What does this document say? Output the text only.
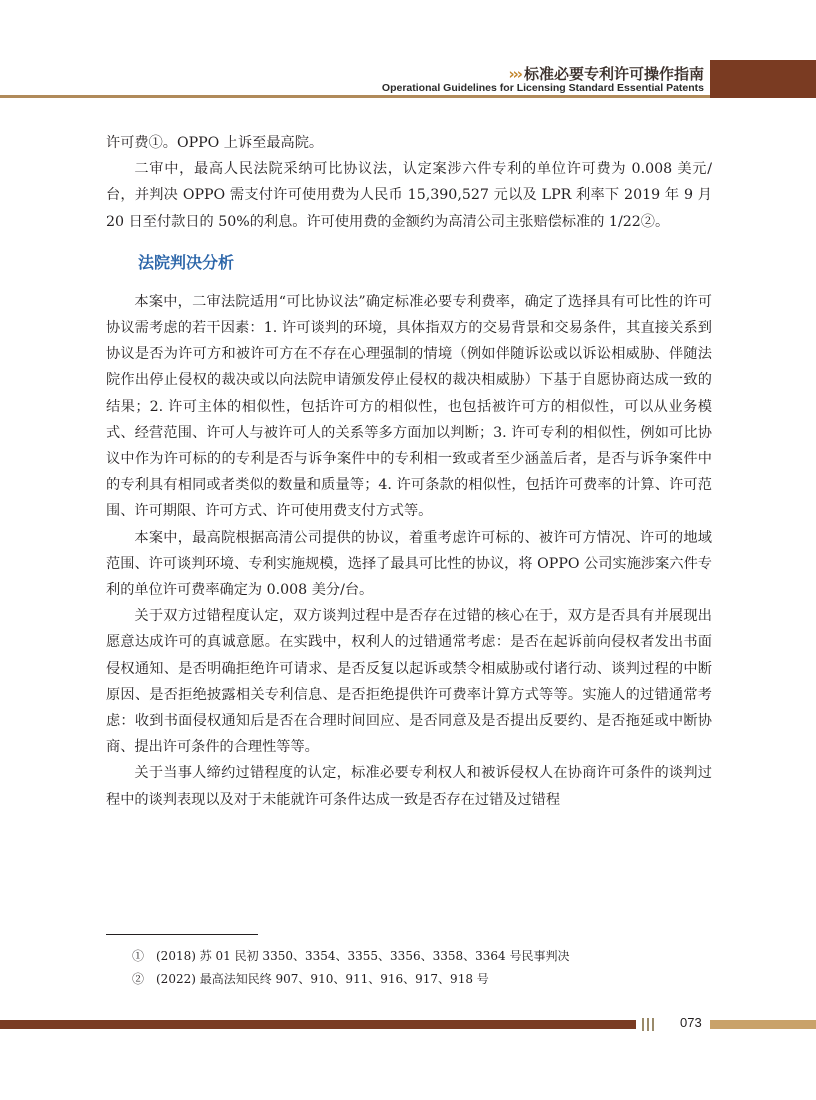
››› 标准必要专利许可操作指南
Operational Guidelines for Licensing Standard Essential Patents

许可费①。OPPO 上诉至最高院。

二审中，最高人民法院采纳可比协议法，认定案涉六件专利的单位许可费为 0.008 美元/台，并判决 OPPO 需支付许可使用费为人民币 15,390,527 元以及 LPR 利率下 2019 年 9 月 20 日至付款日的 50%的利息。许可使用费的金额约为高清公司主张赔偿标准的 1/22②。

法院判决分析

本案中，二审法院适用“可比协议法”确定标准必要专利费率，确定了选择具有可比性的许可协议需考虑的若干因素：1. 许可谈判的环境，具体指双方的交易背景和交易条件，其直接关系到协议是否为许可方和被许可方在不存在心理强制的情境（例如伴随诉讼或以诉讼相威胁、伴随法院作出停止侵权的裁决或以向法院申请颁发停止侵权的裁决相威胁）下基于自愿协商达成一致的结果；2. 许可主体的相似性，包括许可方的相似性，也包括被许可方的相似性，可以从业务模式、经营范围、许可人与被许可人的关系等多方面加以判断；3. 许可专利的相似性，例如可比协议中作为许可标的的专利是否与诉争案件中的专利相一致或者至少涵盖后者，是否与诉争案件中的专利具有相同或者类似的数量和质量等；4. 许可条款的相似性，包括许可费率的计算、许可范围、许可期限、许可方式、许可使用费支付方式等。

本案中，最高院根据高清公司提供的协议，着重考虑许可标的、被许可方情况、许可的地域范围、许可谈判环境、专利实施规模，选择了最具可比性的协议，将 OPPO 公司实施涉案六件专利的单位许可费率确定为 0.008 美分/台。

关于双方过错程度认定，双方谈判过程中是否存在过错的核心在于，双方是否具有并展现出愿意达成许可的真诚意愿。在实践中，权利人的过错通常考虑：是否在起诉前向侵权者发出书面侵权通知、是否明确拒绝许可请求、是否反复以起诉或禁令相威胁或付诸行动、谈判过程的中断原因、是否拒绝披露相关专利信息、是否拒绝提供许可费率计算方式等等。实施人的过错通常考虑：收到书面侵权通知后是否在合理时间回应、是否同意及是否提出反要约、是否拖延或中断协商、提出许可条件的合理性等等。

关于当事人缔约过错程度的认定，标准必要专利权人和被诉侵权人在协商许可条件的谈判过程中的谈判表现以及对于未能就许可条件达成一致是否存在过错及过错程

①　(2018) 苏 01 民初 3350、3354、3355、3356、3358、3364 号民事判决
②　(2022) 最高法知民终 907、910、911、916、917、918 号
073
